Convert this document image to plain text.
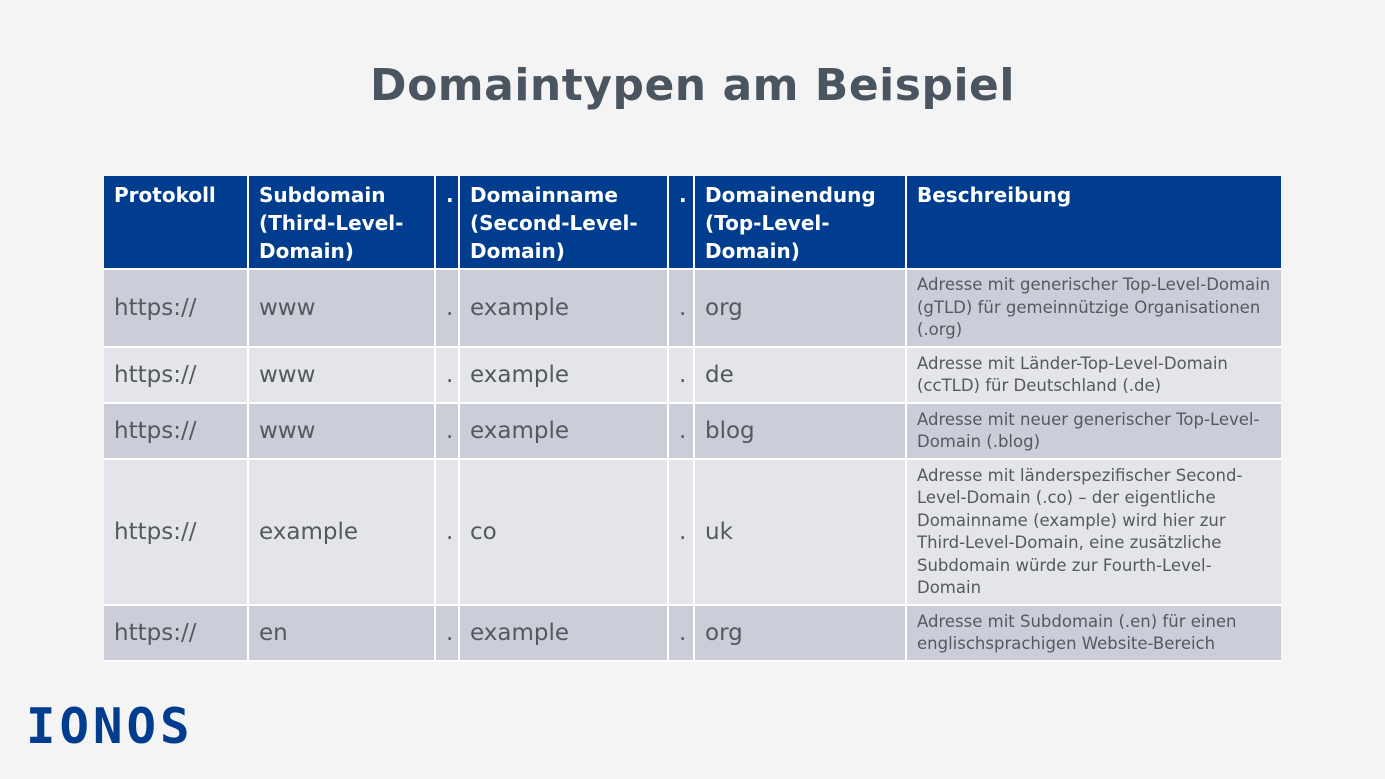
Domaintypen am Beispiel
Protokoll	Subdomain (Third-Level-Domain)	.	Domainname (Second-Level-Domain)	.	Domainendung (Top-Level-Domain)	Beschreibung
https://	www	.	example	.	org	Adresse mit generischer Top-Level-Domain (gTLD) für gemeinnützige Organisationen (.org)
https://	www	.	example	.	de	Adresse mit Länder-Top-Level-Domain (ccTLD) für Deutschland (.de)
https://	www	.	example	.	blog	Adresse mit neuer generischer Top-Level-Domain (.blog)
https://	example	.	co	.	uk	Adresse mit länderspezifischer Second-Level-Domain (.co) – der eigentliche Domainname (example) wird hier zur Third-Level-Domain, eine zusätzliche Subdomain würde zur Fourth-Level-Domain
https://	en	.	example	.	org	Adresse mit Subdomain (.en) für einen englischsprachigen Website-Bereich
IONOS
